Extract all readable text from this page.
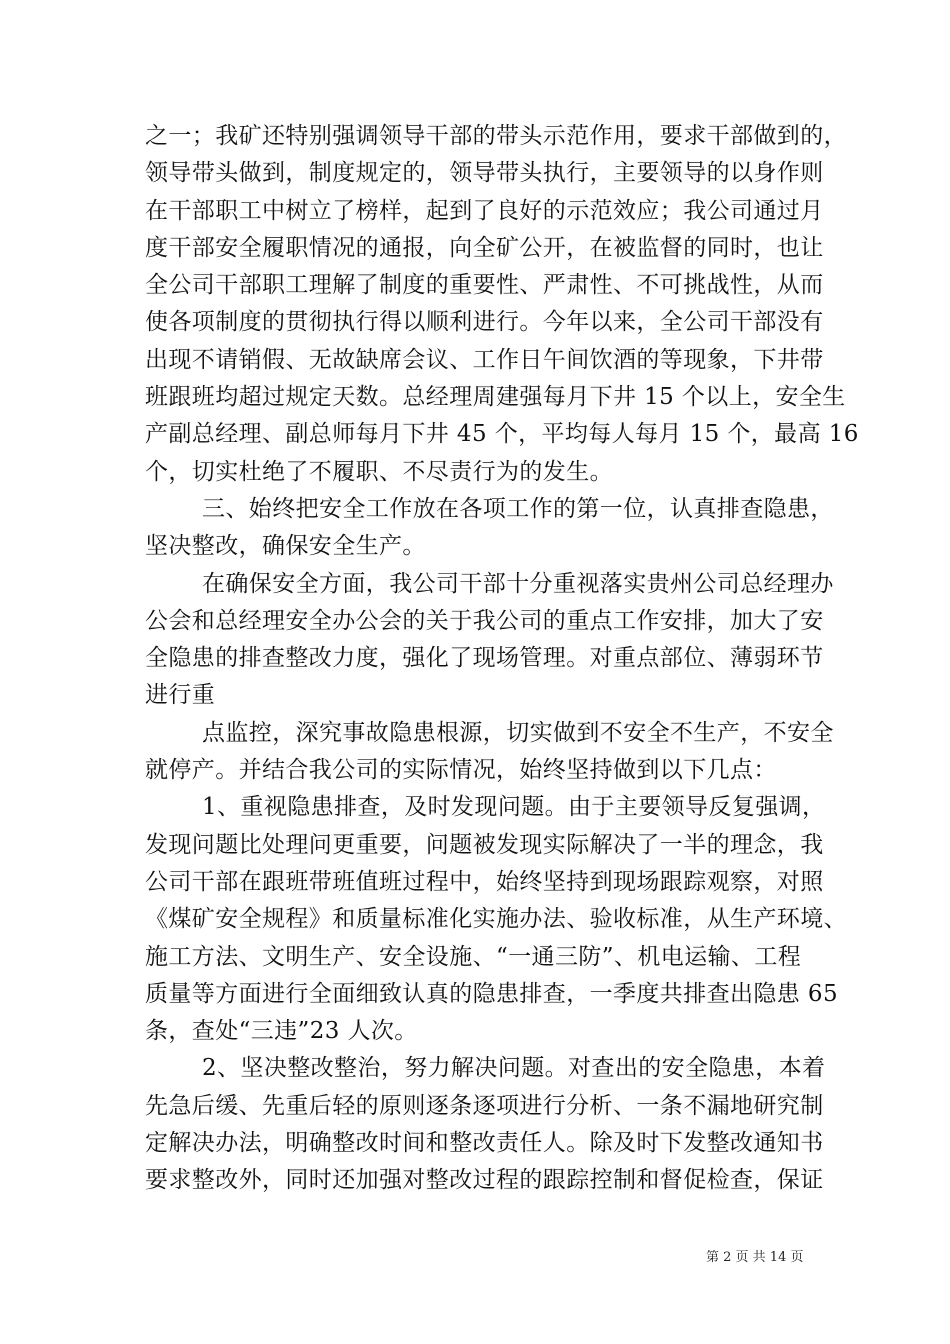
之一；我矿还特别强调领导干部的带头示范作用，要求干部做到的，
领导带头做到，制度规定的，领导带头执行，主要领导的以身作则
在干部职工中树立了榜样，起到了良好的示范效应；我公司通过月
度干部安全履职情况的通报，向全矿公开，在被监督的同时，也让
全公司干部职工理解了制度的重要性、严肃性、不可挑战性，从而
使各项制度的贯彻执行得以顺利进行。今年以来，全公司干部没有
出现不请销假、无故缺席会议、工作日午间饮酒的等现象，下井带
班跟班均超过规定天数。总经理周建强每月下井 15 个以上，安全生
产副总经理、副总师每月下井 45 个，平均每人每月 15 个，最高 16
个，切实杜绝了不履职、不尽责行为的发生。
三、始终把安全工作放在各项工作的第一位，认真排查隐患，
坚决整改，确保安全生产。
在确保安全方面，我公司干部十分重视落实贵州公司总经理办
公会和总经理安全办公会的关于我公司的重点工作安排，加大了安
全隐患的排查整改力度，强化了现场管理。对重点部位、薄弱环节
进行重
点监控，深究事故隐患根源，切实做到不安全不生产，不安全
就停产。并结合我公司的实际情况，始终坚持做到以下几点：
1、重视隐患排查，及时发现问题。由于主要领导反复强调，
发现问题比处理问更重要，问题被发现实际解决了一半的理念，我
公司干部在跟班带班值班过程中，始终坚持到现场跟踪观察，对照
《煤矿安全规程》和质量标准化实施办法、验收标准，从生产环境、
施工方法、文明生产、安全设施、“一通三防”、机电运输、工程
质量等方面进行全面细致认真的隐患排查，一季度共排查出隐患 65
条，查处“三违”23 人次。
2、坚决整改整治，努力解决问题。对查出的安全隐患，本着
先急后缓、先重后轻的原则逐条逐项进行分析、一条不漏地研究制
定解决办法，明确整改时间和整改责任人。除及时下发整改通知书
要求整改外，同时还加强对整改过程的跟踪控制和督促检查，保证
第 2 页 共 14 页
